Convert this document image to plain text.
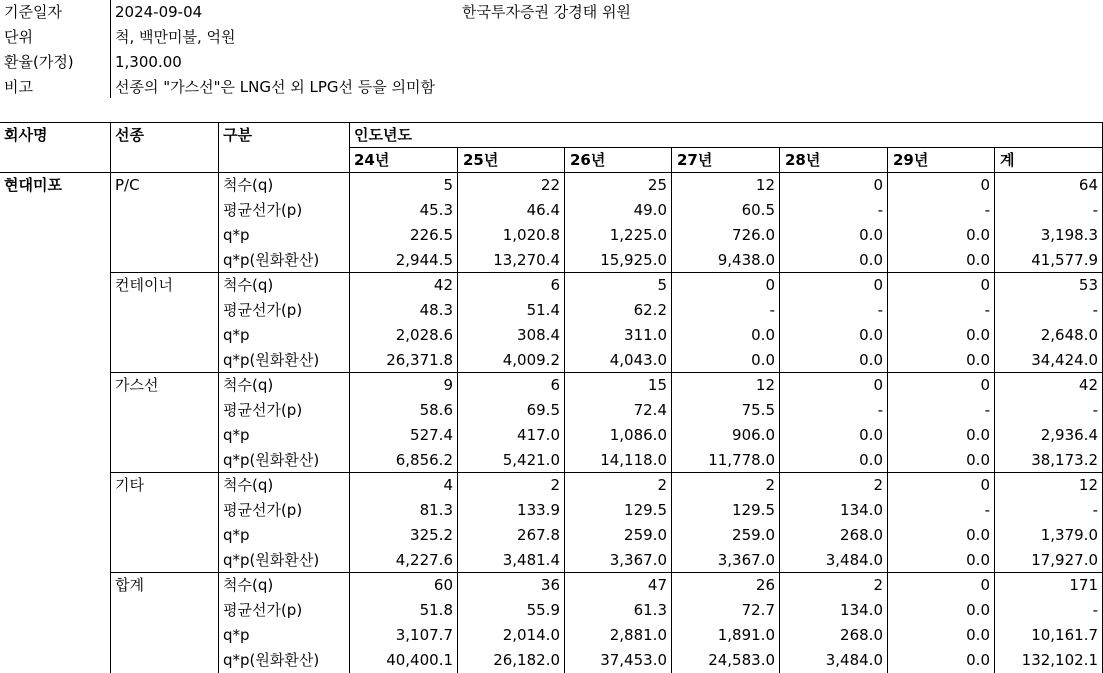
기준일자	2024-09-04	한국투자증권 강경태 위원
단위	척, 백만미불, 억원
환율(가정)	1,300.00
비고	선종의 "가스선"은 LNG선 외 LPG선 등을 의미함
회사명	선종	구분	인도년도
24년	25년	26년	27년	28년	29년	계
현대미포	P/C	척수(q)	5	22	25	12	0	0	64
평균선가(p)	45.3	46.4	49.0	60.5	-	-	-
q*p	226.5	1,020.8	1,225.0	726.0	0.0	0.0	3,198.3
q*p(원화환산)	2,944.5	13,270.4	15,925.0	9,438.0	0.0	0.0	41,577.9
컨테이너	척수(q)	42	6	5	0	0	0	53
평균선가(p)	48.3	51.4	62.2	-	-	-	-
q*p	2,028.6	308.4	311.0	0.0	0.0	0.0	2,648.0
q*p(원화환산)	26,371.8	4,009.2	4,043.0	0.0	0.0	0.0	34,424.0
가스선	척수(q)	9	6	15	12	0	0	42
평균선가(p)	58.6	69.5	72.4	75.5	-	-	-
q*p	527.4	417.0	1,086.0	906.0	0.0	0.0	2,936.4
q*p(원화환산)	6,856.2	5,421.0	14,118.0	11,778.0	0.0	0.0	38,173.2
기타	척수(q)	4	2	2	2	2	0	12
평균선가(p)	81.3	133.9	129.5	129.5	134.0	-	-
q*p	325.2	267.8	259.0	259.0	268.0	0.0	1,379.0
q*p(원화환산)	4,227.6	3,481.4	3,367.0	3,367.0	3,484.0	0.0	17,927.0
합계	척수(q)	60	36	47	26	2	0	171
평균선가(p)	51.8	55.9	61.3	72.7	134.0	0.0	-
q*p	3,107.7	2,014.0	2,881.0	1,891.0	268.0	0.0	10,161.7
q*p(원화환산)	40,400.1	26,182.0	37,453.0	24,583.0	3,484.0	0.0	132,102.1
